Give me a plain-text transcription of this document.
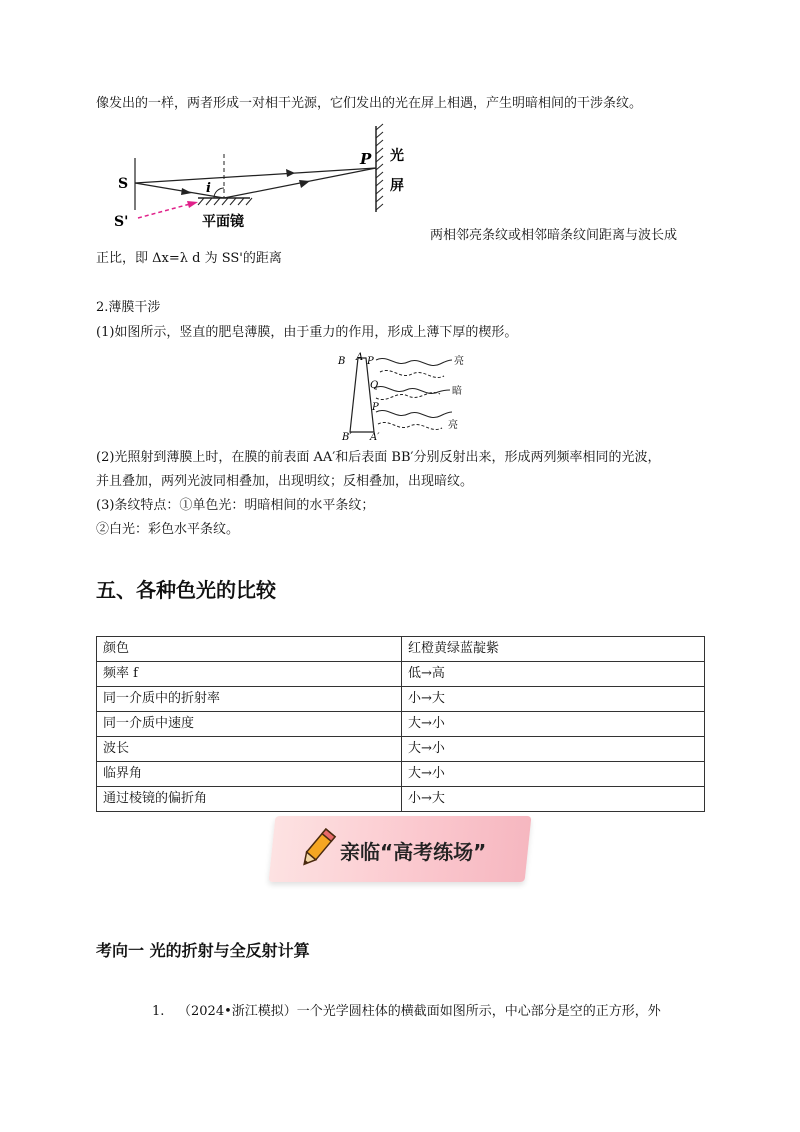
像发出的一样，两者形成一对相干光源，它们发出的光在屏上相遇，产生明暗相间的干涉条纹。
S
S'
i
P 光
屏
平面镜
两相邻亮条纹或相邻暗条纹间距离与波长成
正比，即 Δx=λ d 为 SS'的距离
2.薄膜干涉
(1)如图所示，竖直的肥皂薄膜，由于重力的作用，形成上薄下厚的楔形。
B A P
Q
P
B′ A′
亮
暗
亮
(2)光照射到薄膜上时，在膜的前表面 AA′和后表面 BB′分别反射出来，形成两列频率相同的光波，
并且叠加，两列光波同相叠加，出现明纹；反相叠加，出现暗纹。
(3)条纹特点：①单色光：明暗相间的水平条纹；
②白光：彩色水平条纹。
五、各种色光的比较
颜色	红橙黄绿蓝靛紫
频率 f	低→高
同一介质中的折射率	小→大
同一介质中速度	大→小
波长	大→小
临界角	大→小
通过棱镜的偏折角	小→大
亲临“高考练场”
考向一 光的折射与全反射计算
1. （2024•浙江模拟）一个光学圆柱体的横截面如图所示，中心部分是空的正方形，外
